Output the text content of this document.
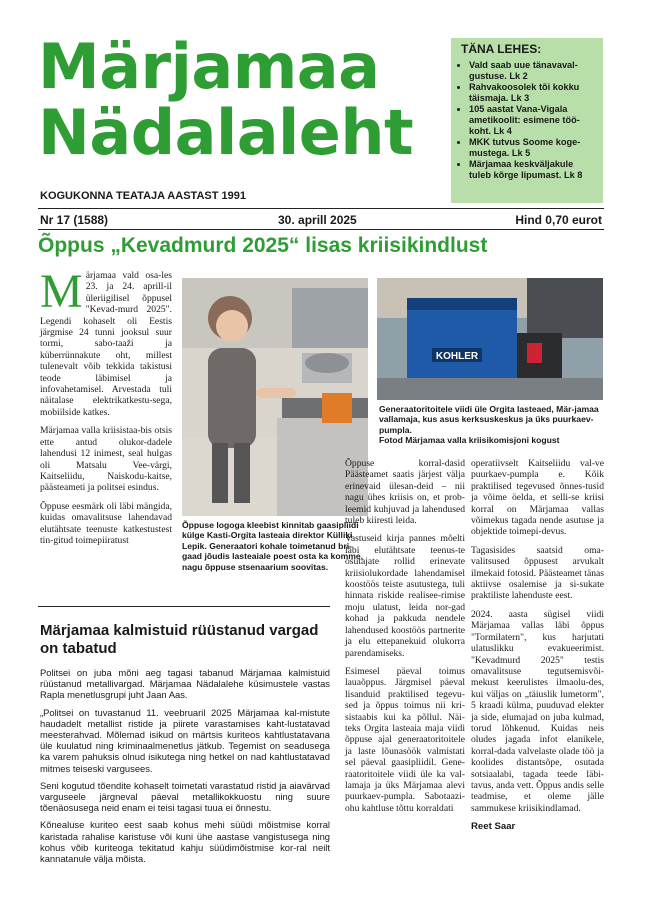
Märjamaa
Nädalaleht
KOGUKONNA TEATAJA AASTAST 1991
TÄNA LEHES:
• Vald saab uue tänavaval-gustuse. Lk 2
• Rahvakoosolek tõi kokku täismaja. Lk 3
• 105 aastat Vana-Vigala ametikoolit: esimene töö-koht. Lk 4
• MKK tutvus Soome koge-mustega. Lk 5
• Märjamaa keskväljakule tuleb kõrge lipumast. Lk 8
Nr 17 (1588)	30. aprill 2025	Hind 0,70 eurot
Õppus „Kevadmurd 2025“ lisas kriisikindlust

M ärjamaa vald osa-les 23. ja 24. aprill-il üleriigilisel õppusel "Kevad-murd 2025". Legendi kohaselt oli Eestis järgmise 24 tunni jooksul suur tormi, sabo-taaži ja küberrünnakute oht, millest tulenevalt võib tekkida takistusi teode läbimisel ja infovahetamisel. Arvestada tuli näitalase elektrikatkestu-sega, mobiilside katkes.

Märjamaa valla kriisistaa-bis otsis ette antud olukor-dadele lahendusi 12 inimest, seal hulgas oli Matsalu Vee-värgi, Kaitseliidu, Naiskodu-kaitse, päästeameti ja politsei esindus.

Õppuse eesmärk oli läbi mängida, kuidas omavalitsuse lahendavad elutähtsate teenuste katkestustest tin-gitud toimepiiratust

Õppuse logoga kleebist kinnitab gaasipliidi külge Kasti-Orgita lasteaia direktor Külliki Lepik. Generaatori kohale toimetanud bri-gaad jõudis lasteaiale poest osta ka komme, nagu õppuse stsenaarium soovitas.
KOHLER
Generaatoritoitele viidi üle Orgita lasteaed, Mär-jamaa vallamaja, kus asus kerksuskeskus ja üks puurkaev-pumpla.
Fotod Märjamaa valla kriisikomisjoni kogust

Õppuse korral-dasid Päästeamet saatis järjest välja erinevaid ülesan-deid – nii nagu ühes kriisis on, et prob-leemid kuhjuvad ja lahendused tuleb kiiresti leida.

Vastuseid kirja pannes mõelti läbi elutähtsate teenus-te osutajate rollid erinevate kriisiolukordade lahendamisel koostöös teiste asutustega, tuli hinnata riskide realisee-rimise moju ulatust, leida nor-gad kohad ja pakkuda nendele lahendused koostöös partnerite ja elu ettepanekuid olukorra parendamiseks.

Esimesel päeval toimus lauaõppus. Järgmisel päeval lisanduid praktilised tegevu-sed ja õppus toimus nii kri-sistaabis kui ka põllul. Näi-teks Orgita lasteaia maja viidi õppuse ajal generaatoritoitele ja laste lõunasöök valmistati sel päeval gaasipliidil. Gene-raatoritoitele viidi üle ka val-lamaja ja üks Märjamaa alevi puurkaev-pumpla. Sabotaazi-ohu kahtluse tõttu korraldati

operatiivselt Kaitseliidu val-ve puurkaev-pumpla e. Kõik praktilised tegevused õnnes-tusid ja võime öelda, et selli-se kriisi korral on Märjamaa vallas võimekus tagada nende asutuse ja objektide toimepi-devus.

Tagasisides saatsid oma-valitsused õppusest arvukalt ilmekaid fotosid. Päästeamet tänas aktiivse osalemise ja si-sukate praktiliste lahenduste eest.

2024. aasta sügisel viidi Märjamaa vallas läbi õppus "Tormilatern", kus harjutati ulatuslikku evakueerimist. "Kevadmurd 2025" testis omavalitsuse tegutsemisvõi-mekust keerulistes ilmaolu-des, kui väljas on „täiuslik lumetorm", 5 kraadi külma, puuduvad elekter ja side, elumajad on juba kulmad, torud lõhkenud. Kuidas neis oludes jagada infot elanikele, korral-dada valvelaste olade töö ja koolides distantsõpe, osutada sotsiaalabi, tagada teede läbi-tavus, anda vett. Õppus andis selle teadmise, et oleme jälle sammukese kriisikindlamad.

Reet Saar
Märjamaa kalmistuid rüüstanud vargad on tabatud

Politsei on juba mõni aeg tagasi tabanud Märjamaa kalmistuid rüüstanud metallivargad. Märjamaa Nädalalehe küsimustele vastas Rapla menetlusgrupi juht Jaan Aas.

„Politsei on tuvastanud 11. veebruaril 2025 Märjamaa kal-mistute haudadelt metallist ristide ja piirete varastamises kaht-lustatavad meesterahvad. Mõlemad isikud on märtsis kuriteos kahtlustatavana üle kuulatud ning kriminaalmenetlus jätkub. Tegemist on seadusega ka varem pahuksis olnud isikutega ning hetkel on nad kahtlustatavad mitmes teiseski vargusees.

Seni kogutud tõendite kohaselt toimetati varastatud ristid ja aiavärvad varguseele järgneval päeval metallikokkuostu ning suure tõenäosusega neid enam ei teisi tagasi tuua ei õnnestu.

Kõnealuse kuriteo eest saab kohus mehi süüdi mõistmise korral karistada rahalise karistuse või kuni ühe aastase vangistusega ning kohus võib kuriteoga tekitatud kahju süüdimõistmise kor-ral neilt kannatanule välja mõista.
